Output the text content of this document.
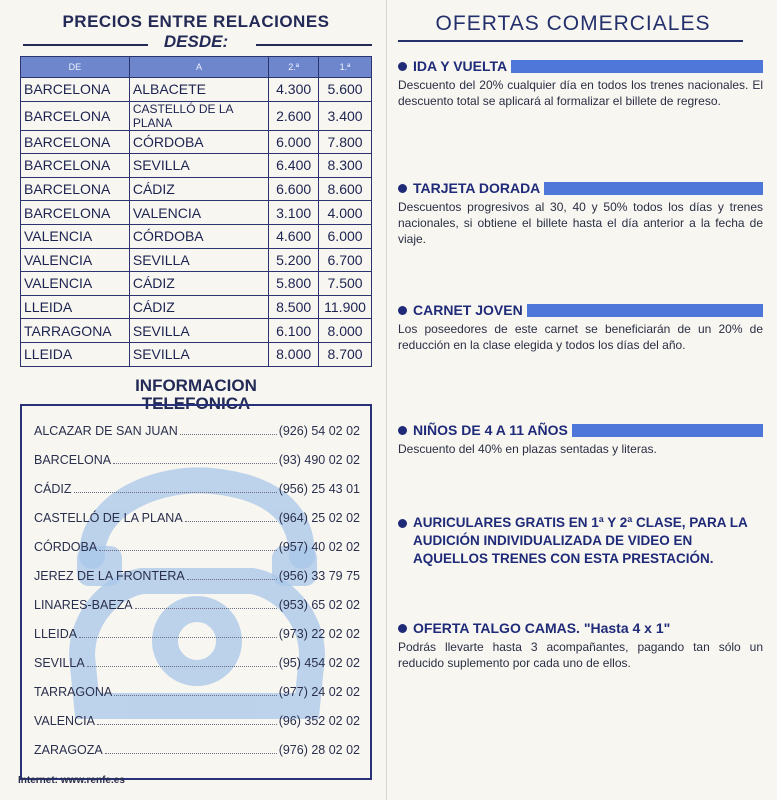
PRECIOS ENTRE RELACIONES
DESDE:
DE	A	2.ª	1.ª
BARCELONA	ALBACETE	4.300	5.600
BARCELONA	CASTELLÓ DE LA PLANA	2.600	3.400
BARCELONA	CÓRDOBA	6.000	7.800
BARCELONA	SEVILLA	6.400	8.300
BARCELONA	CÁDIZ	6.600	8.600
BARCELONA	VALENCIA	3.100	4.000
VALENCIA	CÓRDOBA	4.600	6.000
VALENCIA	SEVILLA	5.200	6.700
VALENCIA	CÁDIZ	5.800	7.500
LLEIDA	CÁDIZ	8.500	11.900
TARRAGONA	SEVILLA	6.100	8.000
LLEIDA	SEVILLA	8.000	8.700
INFORMACION
TELEFONICA
ALCAZAR DE SAN JUAN	(926) 54 02 02
BARCELONA	(93) 490 02 02
CÁDIZ	(956) 25 43 01
CASTELLÓ DE LA PLANA	(964) 25 02 02
CÓRDOBA	(957) 40 02 02
JEREZ DE LA FRONTERA	(956) 33 79 75
LINARES-BAEZA	(953) 65 02 02
LLEIDA	(973) 22 02 02
SEVILLA	(95) 454 02 02
TARRAGONA	(977) 24 02 02
VALENCIA	(96) 352 02 02
ZARAGOZA	(976) 28 02 02
Internet: www.renfe.es
OFERTAS COMERCIALES
IDA Y VUELTA
Descuento del 20% cualquier día en todos los trenes nacionales. El descuento total se aplicará al formalizar el billete de regreso.
TARJETA DORADA
Descuentos progresivos al 30, 40 y 50% todos los días y trenes nacionales, si obtiene el billete hasta el día anterior a la fecha de viaje.
CARNET JOVEN
Los poseedores de este carnet se beneficiarán de un 20% de reducción en la clase elegida y todos los días del año.
NIÑOS DE 4 A 11 AÑOS
Descuento del 40% en plazas sentadas y literas.
AURICULARES GRATIS EN 1ª Y 2ª CLASE, PARA LA AUDICIÓN INDIVIDUALIZADA DE VIDEO EN AQUELLOS TRENES CON ESTA PRESTACIÓN.
OFERTA TALGO CAMAS. "Hasta 4 x 1"
Podrás llevarte hasta 3 acompañantes, pagando tan sólo un reducido suplemento por cada uno de ellos.
